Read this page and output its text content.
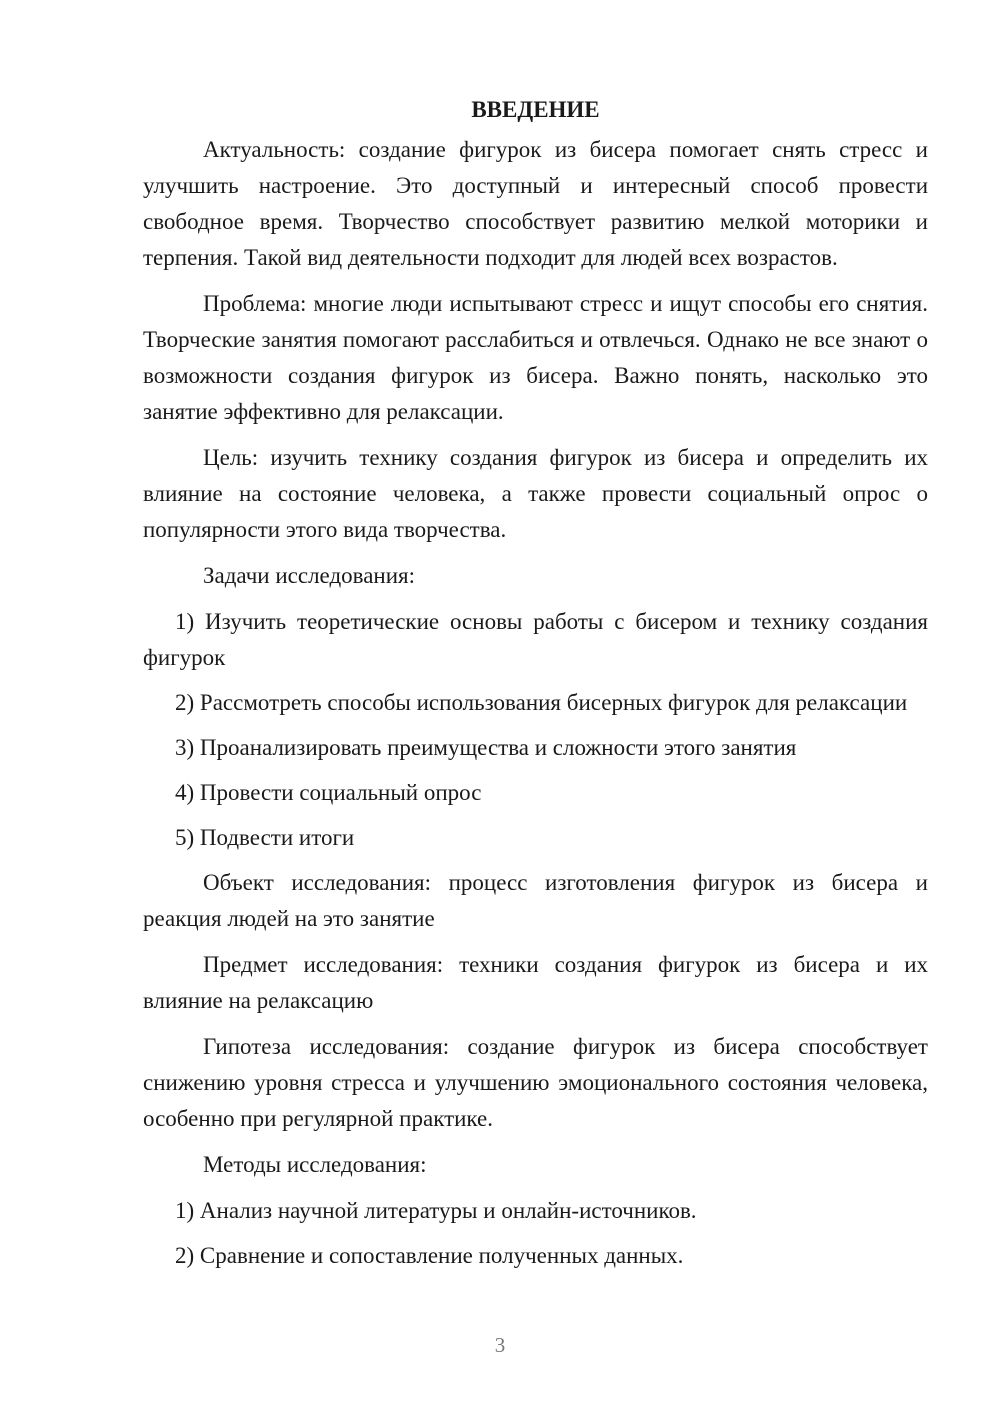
ВВЕДЕНИЕ

Актуальность: создание фигурок из бисера помогает снять стресс и улучшить настроение. Это доступный и интересный способ провести свободное время. Творчество способствует развитию мелкой моторики и терпения. Такой вид деятельности подходит для людей всех возрастов.

Проблема: многие люди испытывают стресс и ищут способы его снятия. Творческие занятия помогают расслабиться и отвлечься. Однако не все знают о возможности создания фигурок из бисера. Важно понять, насколько это занятие эффективно для релаксации.

Цель: изучить технику создания фигурок из бисера и определить их влияние на состояние человека, а также провести социальный опрос о популярности этого вида творчества.

Задачи исследования:

1) Изучить теоретические основы работы с бисером и технику создания фигурок

2) Рассмотреть способы использования бисерных фигурок для релаксации

3) Проанализировать преимущества и сложности этого занятия

4) Провести социальный опрос

5) Подвести итоги

Объект исследования: процесс изготовления фигурок из бисера и реакция людей на это занятие

Предмет исследования: техники создания фигурок из бисера и их влияние на релаксацию

Гипотеза исследования: создание фигурок из бисера способствует снижению уровня стресса и улучшению эмоционального состояния человека, особенно при регулярной практике.

Методы исследования:

1) Анализ научной литературы и онлайн-источников.

2) Сравнение и сопоставление полученных данных.

3
